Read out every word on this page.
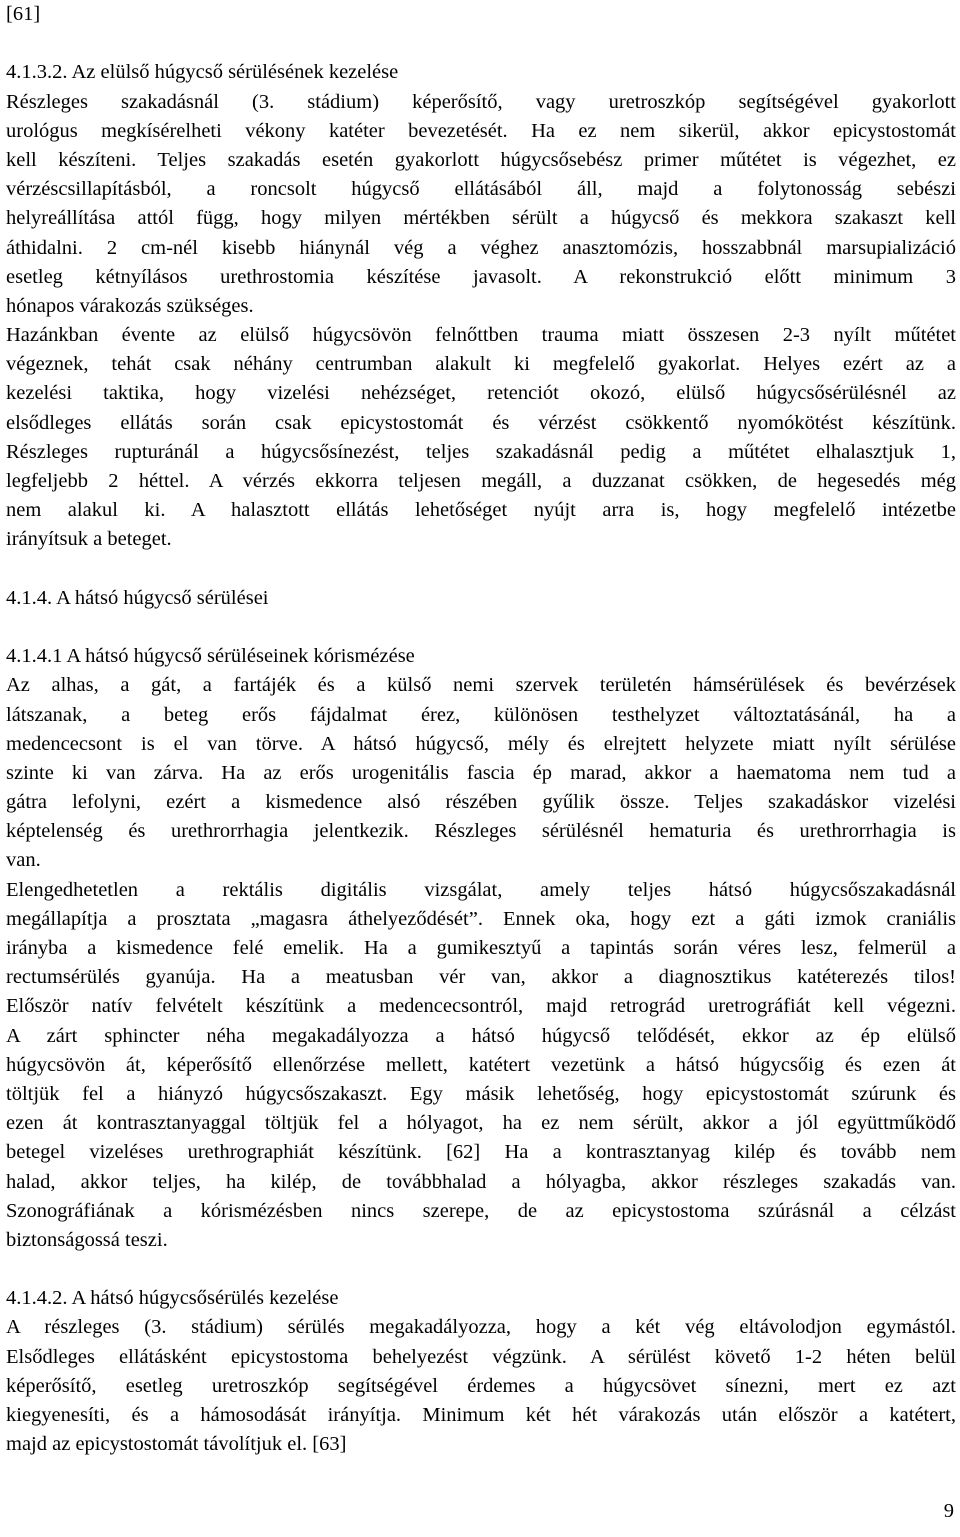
[61]
4.1.3.2. Az elülső húgycső sérülésének kezelése
Részleges szakadásnál (3. stádium) képerősítő, vagy uretroszkóp segítségével gyakorlott
urológus megkísérelheti vékony katéter bevezetését. Ha ez nem sikerül, akkor epicystostomát
kell készíteni. Teljes szakadás esetén gyakorlott húgycsősebész primer műtétet is végezhet, ez
vérzéscsillapításból, a roncsolt húgycső ellátásából áll, majd a folytonosság sebészi
helyreállítása attól függ, hogy milyen mértékben sérült a húgycső és mekkora szakaszt kell
áthidalni. 2 cm-nél kisebb hiánynál vég a véghez anasztomózis, hosszabbnál marsupializáció
esetleg kétnyílásos urethrostomia készítése javasolt. A rekonstrukció előtt minimum 3
hónapos várakozás szükséges.
Hazánkban évente az elülső húgycsövön felnőttben trauma miatt összesen 2-3 nyílt műtétet
végeznek, tehát csak néhány centrumban alakult ki megfelelő gyakorlat. Helyes ezért az a
kezelési taktika, hogy vizelési nehézséget, retenciót okozó, elülső húgycsősérülésnél az
elsődleges ellátás során csak epicystostomát és vérzést csökkentő nyomókötést készítünk.
Részleges rupturánál a húgycsősínezést, teljes szakadásnál pedig a műtétet elhalasztjuk 1,
legfeljebb 2 héttel. A vérzés ekkorra teljesen megáll, a duzzanat csökken, de hegesedés még
nem alakul ki. A halasztott ellátás lehetőséget nyújt arra is, hogy megfelelő intézetbe
irányítsuk a beteget.
4.1.4. A hátsó húgycső sérülései
4.1.4.1 A hátsó húgycső sérüléseinek kórismézése
Az alhas, a gát, a fartájék és a külső nemi szervek területén hámsérülések és bevérzések
látszanak, a beteg erős fájdalmat érez, különösen testhelyzet változtatásánál, ha a
medencecsont is el van törve. A hátsó húgycső, mély és elrejtett helyzete miatt nyílt sérülése
szinte ki van zárva. Ha az erős urogenitális fascia ép marad, akkor a haematoma nem tud a
gátra lefolyni, ezért a kismedence alsó részében gyűlik össze. Teljes szakadáskor vizelési
képtelenség és urethrorrhagia jelentkezik. Részleges sérülésnél hematuria és urethrorrhagia is
van.
Elengedhetetlen a rektális digitális vizsgálat, amely teljes hátsó húgycsőszakadásnál
megállapítja a prosztata „magasra áthelyeződését”. Ennek oka, hogy ezt a gáti izmok craniális
irányba a kismedence felé emelik. Ha a gumikesztyű a tapintás során véres lesz, felmerül a
rectumsérülés gyanúja. Ha a meatusban vér van, akkor a diagnosztikus katéterezés tilos!
Először natív felvételt készítünk a medencecsontról, majd retrográd uretrográfiát kell végezni.
A zárt sphincter néha megakadályozza a hátsó húgycső telődését, ekkor az ép elülső
húgycsövön át, képerősítő ellenőrzése mellett, katétert vezetünk a hátsó húgycsőig és ezen át
töltjük fel a hiányzó húgycsőszakaszt. Egy másik lehetőség, hogy epicystostomát szúrunk és
ezen át kontrasztanyaggal töltjük fel a hólyagot, ha ez nem sérült, akkor a jól együttműködő
betegel vizeléses urethrographiát készítünk. [62] Ha a kontrasztanyag kilép és tovább nem
halad, akkor teljes, ha kilép, de továbbhalad a hólyagba, akkor részleges szakadás van.
Szonográfiának a kórismézésben nincs szerepe, de az epicystostoma szúrásnál a célzást
biztonságossá teszi.
4.1.4.2. A hátsó húgycsősérülés kezelése
A részleges (3. stádium) sérülés megakadályozza, hogy a két vég eltávolodjon egymástól.
Elsődleges ellátásként epicystostoma behelyezést végzünk. A sérülést követő 1-2 héten belül
képerősítő, esetleg uretroszkóp segítségével érdemes a húgycsövet sínezni, mert ez azt
kiegyenesíti, és a hámosodását irányítja. Minimum két hét várakozás után először a katétert,
majd az epicystostomát távolítjuk el. [63]
9
